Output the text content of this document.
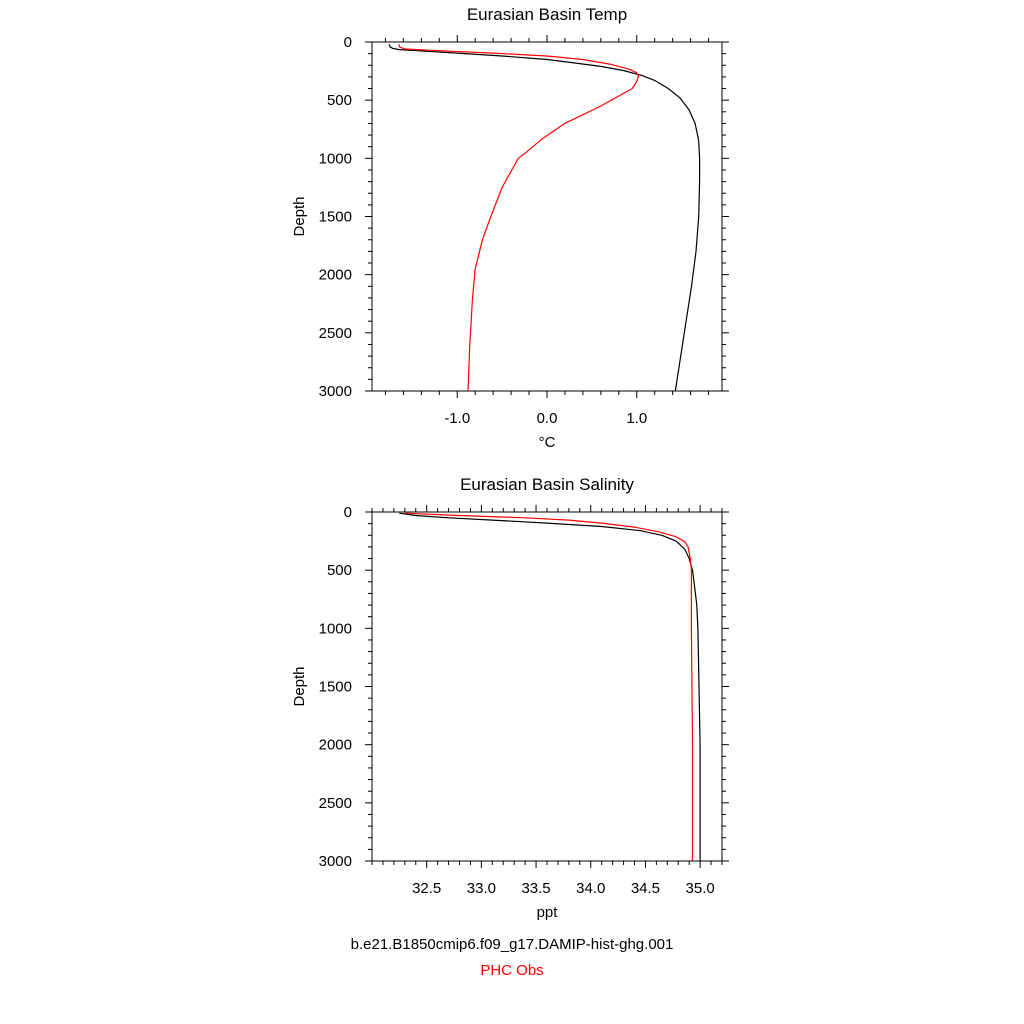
Eurasian Basin Temp
0
500
1000
1500
2000
2500
3000
-1.0	0.0	1.0
°C
Depth
Eurasian Basin Salinity
0
500
1000
1500
2000
2500
3000
32.5 33.0 33.5 34.0 34.5 35.0
ppt
Depth
b.e21.B1850cmip6.f09_g17.DAMIP-hist-ghg.001
PHC Obs
